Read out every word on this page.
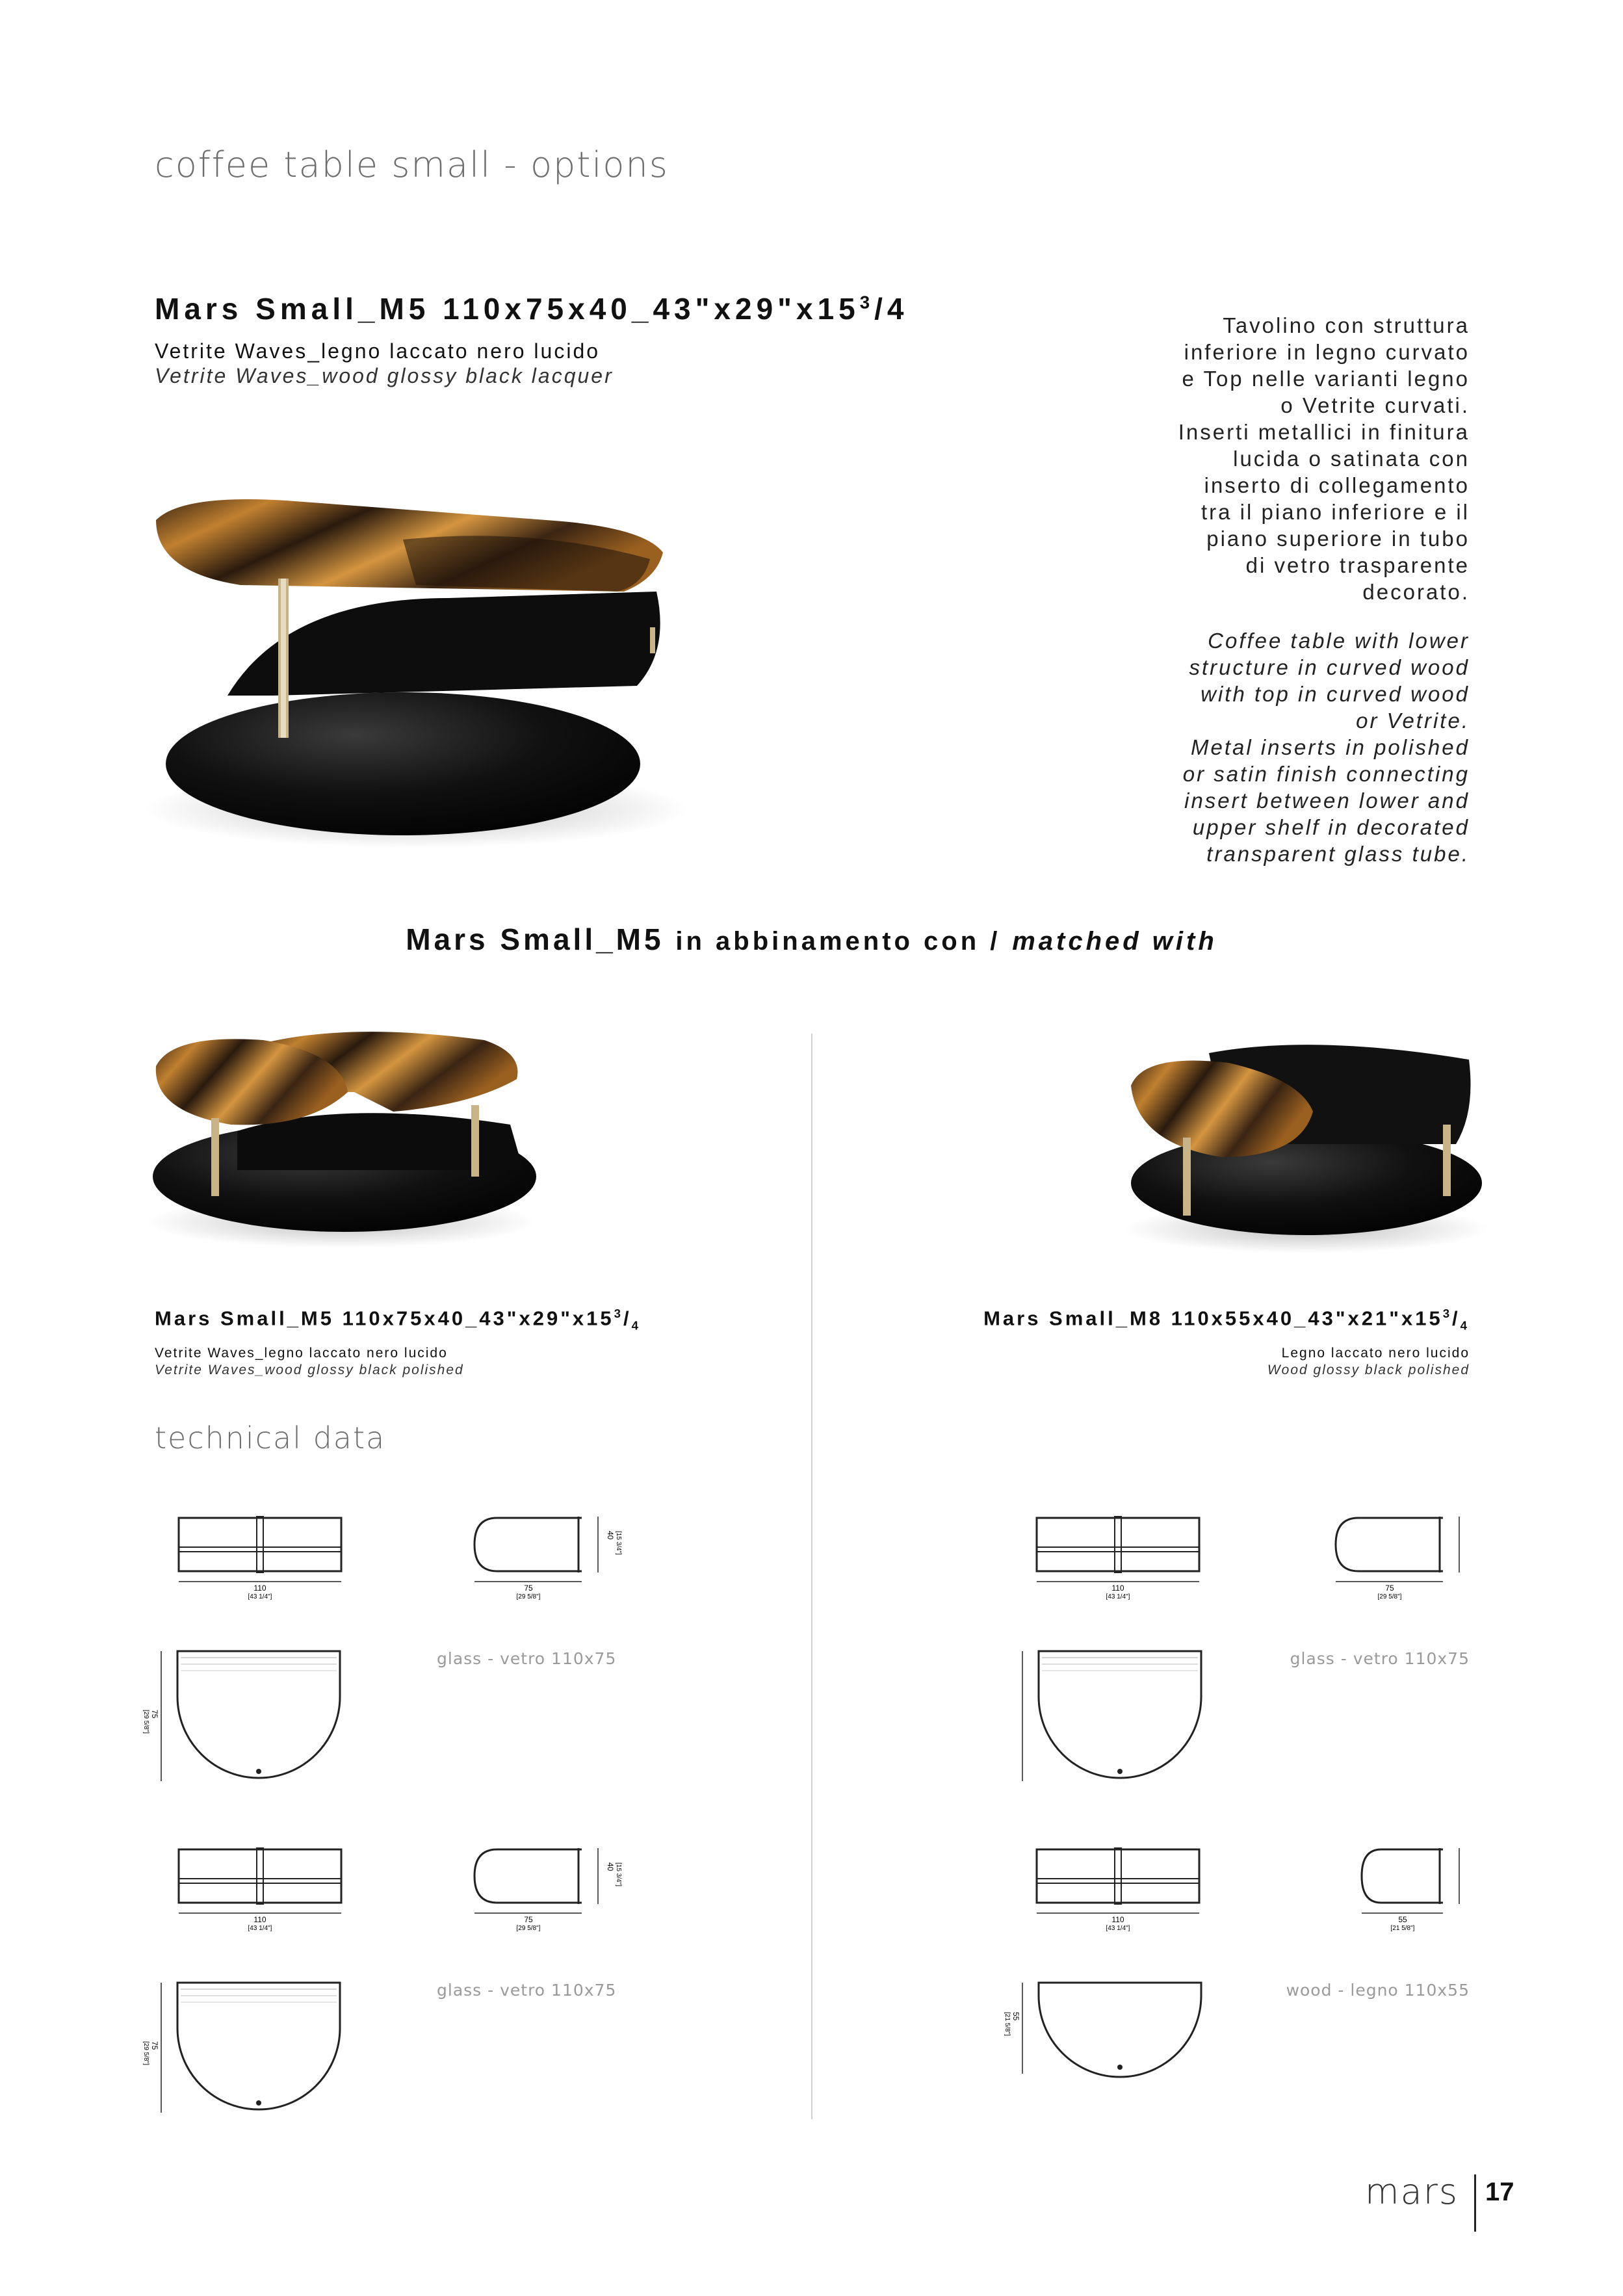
coffee table small - options
Mars Small_M5 $110x75x40\_43"x29"x15^3/4$
Vetrite Waves_legno laccato nero lucido
Vetrite Waves_wood glossy black lacquer
Tavolino con struttura
inferiore in legno curvato
e Top nelle varianti legno
o Vetrite curvati.
Inserti metallici in finitura
lucida o satinata con
inserto di collegamento
tra il piano inferiore e il
piano superiore in tubo
di vetro trasparente
decorato.
Coffee table with lower
structure in curved wood
with top in curved wood
or Vetrite.
Metal inserts in polished
or satin finish connecting
insert between lower and
upper shelf in decorated
transparent glass tube.
Mars Small_M5 in abbinamento con / matched with
Mars Small_M5 $110x75x40\_43"x29"x15^3/_4$
Vetrite Waves_legno laccato nero lucido
Vetrite Waves_wood glossy black polished
Mars Small_M8 $110x55x40\_43"x21"x15^3/_4$
Legno laccato nero lucido
Wood glossy black polished
technical data
110
[43 1/4"]
75
[29 5/8"]
40 [15 3/4"]
75
[29 5/8"]
glass - vetro 110x75
110
[43 1/4"]
75
[29 5/8"]
40 [15 3/4"]
75
[29 5/8"]
glass - vetro 110x75
110
[43 1/4"]
75
[29 5/8"]
glass - vetro 110x75
110
[43 1/4"]
55
[21 5/8"]
55
[21 5/8"]
wood - legno 110x55
mars 17
